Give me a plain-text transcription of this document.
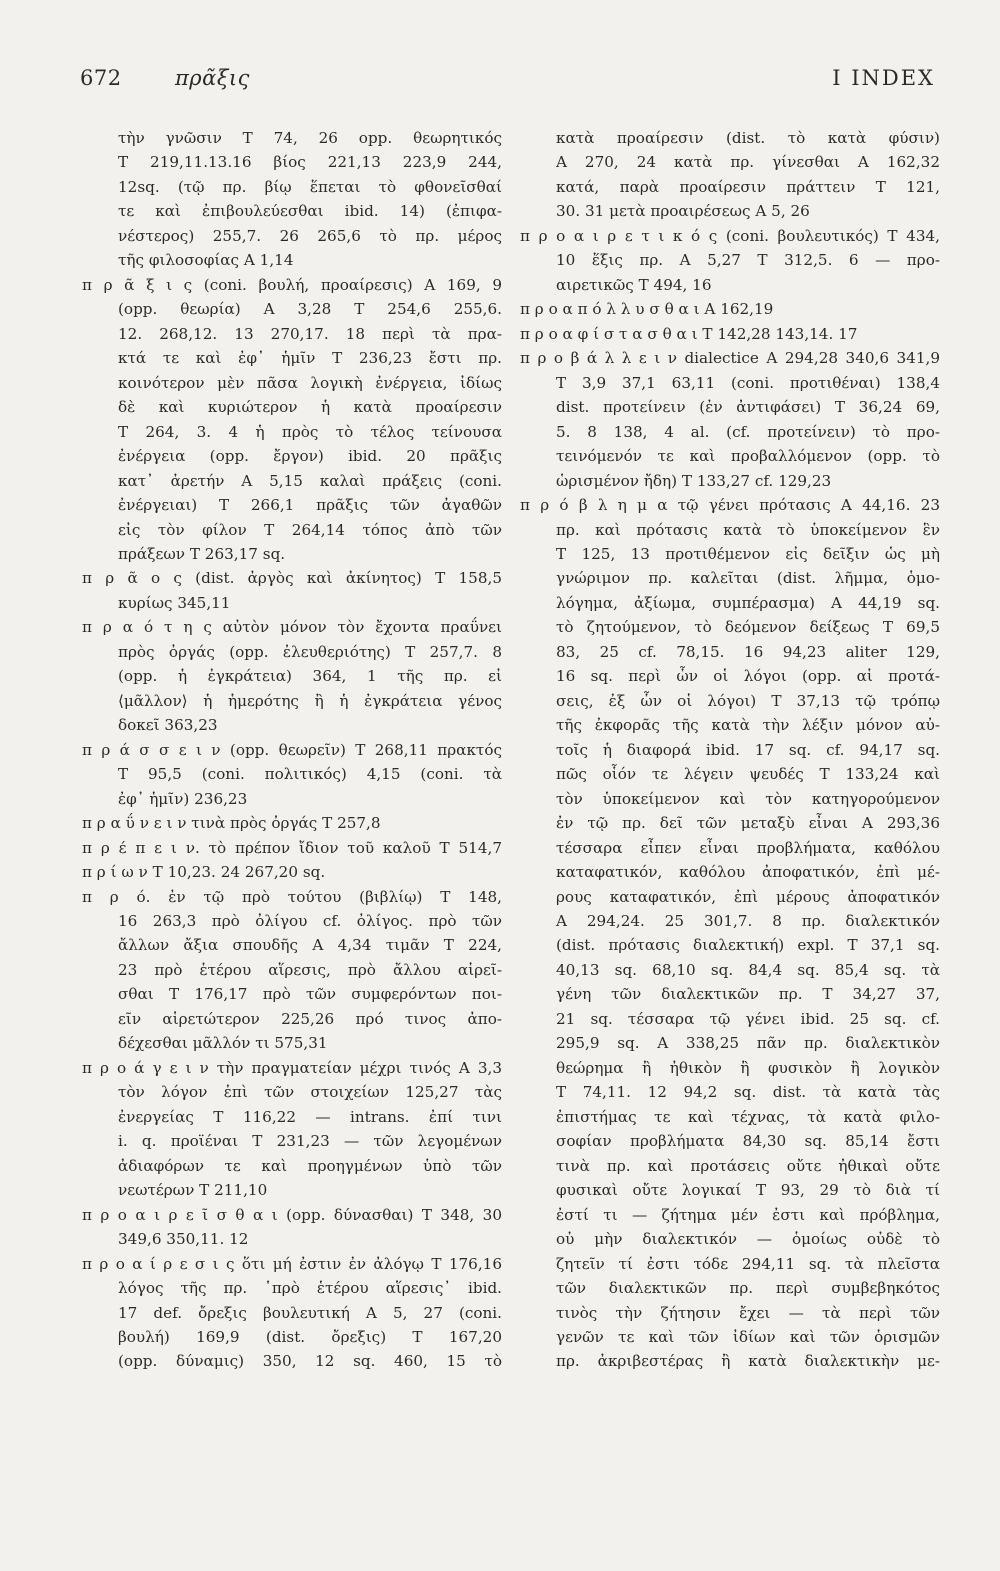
672	πρᾶξις	I INDEX
τὴν γνῶσιν T 74, 26 opp. θεωρητικός
T 219,11.13.16 βίος 221,13 223,9 244,
12sq. (τῷ πρ. βίῳ ἕπεται τὸ φθονεῖσθαί
τε καὶ ἐπιβουλεύεσθαι ibid. 14) (ἐπιφα-
νέστερος) 255,7. 26 265,6 τὸ πρ. μέρος
τῆς φιλοσοφίας A 1,14
π ρ ᾶ ξ ι ς (coni. βουλή, προαίρεσις) A 169, 9
(opp. θεωρία) A 3,28 T 254,6 255,6.
12. 268,12. 13 270,17. 18 περὶ τὰ πρα-
κτά τε καὶ ἐφ᾽ ἡμῖν T 236,23 ἔστι πρ.
κοινότερον μὲν πᾶσα λογικὴ ἐνέργεια, ἰδίως
δὲ καὶ κυριώτερον ἡ κατὰ προαίρεσιν
T 264, 3. 4 ἡ πρὸς τὸ τέλος τείνουσα
ἐνέργεια (opp. ἔργον) ibid. 20 πρᾶξις
κατ᾽ ἀρετήν A 5,15 καλαὶ πράξεις (coni.
ἐνέργειαι) T 266,1 πρᾶξις τῶν ἀγαθῶν
εἰς τὸν φίλον T 264,14 τόπος ἀπὸ τῶν
πράξεων T 263,17 sq.
π ρ ᾶ ο ς (dist. ἀργὸς καὶ ἀκίνητος) T 158,5
κυρίως 345,11
π ρ α ό τ η ς αὐτὸν μόνον τὸν ἔχοντα πραΰνει
πρὸς ὀργάς (opp. ἐλευθεριότης) T 257,7. 8
(opp. ἡ ἐγκράτεια) 364, 1 τῆς πρ. εἰ
⟨μᾶλλον⟩ ἡ ἡμερότης ἢ ἡ ἐγκράτεια γένος
δοκεῖ 363,23
π ρ ά σ σ ε ι ν (opp. θεωρεῖν) T 268,11 πρακτός
T 95,5 (coni. πολιτικός) 4,15 (coni. τὰ
ἐφ᾽ ἡμῖν) 236,23
π ρ α ΰ ν ε ι ν τινὰ πρὸς ὀργάς T 257,8
π ρ έ π ε ι ν. τὸ πρέπον ἴδιον τοῦ καλοῦ T 514,7
π ρ ί ω ν T 10,23. 24 267,20 sq.
π ρ ό. ἐν τῷ πρὸ τούτου (βιβλίῳ) T 148,
16 263,3 πρὸ ὀλίγου cf. ὀλίγος. πρὸ τῶν
ἄλλων ἄξια σπουδῆς A 4,34 τιμᾶν T 224,
23 πρὸ ἑτέρου αἵρεσις, πρὸ ἄλλου αἱρεῖ-
σθαι T 176,17 πρὸ τῶν συμφερόντων ποι-
εῖν αἱρετώτερον 225,26 πρό τινος ἀπο-
δέχεσθαι μᾶλλόν τι 575,31
π ρ ο ά γ ε ι ν τὴν πραγματείαν μέχρι τινός A 3,3
τὸν λόγον ἐπὶ τῶν στοιχείων 125,27 τὰς
ἐνεργείας T 116,22 — intrans. ἐπί τινι
i. q. προϊέναι T 231,23 — τῶν λεγομένων
ἀδιαφόρων τε καὶ προηγμένων ὑπὸ τῶν
νεωτέρων T 211,10
π ρ ο α ι ρ ε ῖ σ θ α ι (opp. δύνασθαι) T 348, 30
349,6 350,11. 12
π ρ ο α ί ρ ε σ ι ς ὅτι μή ἐστιν ἐν ἀλόγῳ T 176,16
λόγος τῆς πρ. ῾πρὸ ἑτέρου αἵρεσις᾽ ibid.
17 def. ὄρεξις βουλευτική A 5, 27 (coni.
βουλή) 169,9 (dist. ὄρεξις) T 167,20
(opp. δύναμις) 350, 12 sq. 460, 15 τὸ
κατὰ προαίρεσιν (dist. τὸ κατὰ φύσιν)
A 270, 24 κατὰ πρ. γίνεσθαι A 162,32
κατά, παρὰ προαίρεσιν πράττειν T 121,
30. 31 μετὰ προαιρέσεως A 5, 26
π ρ ο α ι ρ ε τ ι κ ό ς (coni. βουλευτικός) T 434,
10 ἕξις πρ. A 5,27 T 312,5. 6 — προ-
αιρετικῶς T 494, 16
π ρ ο α π ό λ λ υ σ θ α ι A 162,19
π ρ ο α φ ί σ τ α σ θ α ι T 142,28 143,14. 17
π ρ ο β ά λ λ ε ι ν dialectice A 294,28 340,6 341,9
T 3,9 37,1 63,11 (coni. προτιθέναι) 138,4
dist. προτείνειν (ἐν ἀντιφάσει) T 36,24 69,
5. 8 138, 4 al. (cf. προτείνειν) τὸ προ-
τεινόμενόν τε καὶ προβαλλόμενον (opp. τὸ
ὡρισμένον ἤδη) T 133,27 cf. 129,23
π ρ ό β λ η μ α τῷ γένει πρότασις A 44,16. 23
πρ. καὶ πρότασις κατὰ τὸ ὑποκείμενον ἓν
T 125, 13 προτιθέμενον εἰς δεῖξιν ὡς μὴ
γνώριμον πρ. καλεῖται (dist. λῆμμα, ὁμο-
λόγημα, ἀξίωμα, συμπέρασμα) A 44,19 sq.
τὸ ζητούμενον, τὸ δεόμενον δείξεως T 69,5
83, 25 cf. 78,15. 16 94,23 aliter 129,
16 sq. περὶ ὧν οἱ λόγοι (opp. αἱ προτά-
σεις, ἐξ ὧν οἱ λόγοι) T 37,13 τῷ τρόπῳ
τῆς ἐκφορᾶς τῆς κατὰ τὴν λέξιν μόνον αὐ-
τοῖς ἡ διαφορά ibid. 17 sq. cf. 94,17 sq.
πῶς οἷόν τε λέγειν ψευδές T 133,24 καὶ
τὸν ὑποκείμενον καὶ τὸν κατηγορούμενον
ἐν τῷ πρ. δεῖ τῶν μεταξὺ εἶναι A 293,36
τέσσαρα εἶπεν εἶναι προβλήματα, καθόλου
καταφατικόν, καθόλου ἀποφατικόν, ἐπὶ μέ-
ρους καταφατικόν, ἐπὶ μέρους ἀποφατικόν
A 294,24. 25 301,7. 8 πρ. διαλεκτικόν
(dist. πρότασις διαλεκτική) expl. T 37,1 sq.
40,13 sq. 68,10 sq. 84,4 sq. 85,4 sq. τὰ
γένη τῶν διαλεκτικῶν πρ. T 34,27 37,
21 sq. τέσσαρα τῷ γένει ibid. 25 sq. cf.
295,9 sq. A 338,25 πᾶν πρ. διαλεκτικὸν
θεώρημα ἢ ἠθικὸν ἢ φυσικὸν ἢ λογικὸν
T 74,11. 12 94,2 sq. dist. τὰ κατὰ τὰς
ἐπιστήμας τε καὶ τέχνας, τὰ κατὰ φιλο-
σοφίαν προβλήματα 84,30 sq. 85,14 ἔστι
τινὰ πρ. καὶ προτάσεις οὔτε ἠθικαὶ οὔτε
φυσικαὶ οὔτε λογικαί T 93, 29 τὸ διὰ τί
ἐστί τι — ζήτημα μέν ἐστι καὶ πρόβλημα,
οὐ μὴν διαλεκτικόν — ὁμοίως οὐδὲ τὸ
ζητεῖν τί ἐστι τόδε 294,11 sq. τὰ πλεῖστα
τῶν διαλεκτικῶν πρ. περὶ συμβεβηκότος
τινὸς τὴν ζήτησιν ἔχει — τὰ περὶ τῶν
γενῶν τε καὶ τῶν ἰδίων καὶ τῶν ὁρισμῶν
πρ. ἀκριβεστέρας ἢ κατὰ διαλεκτικὴν με-
